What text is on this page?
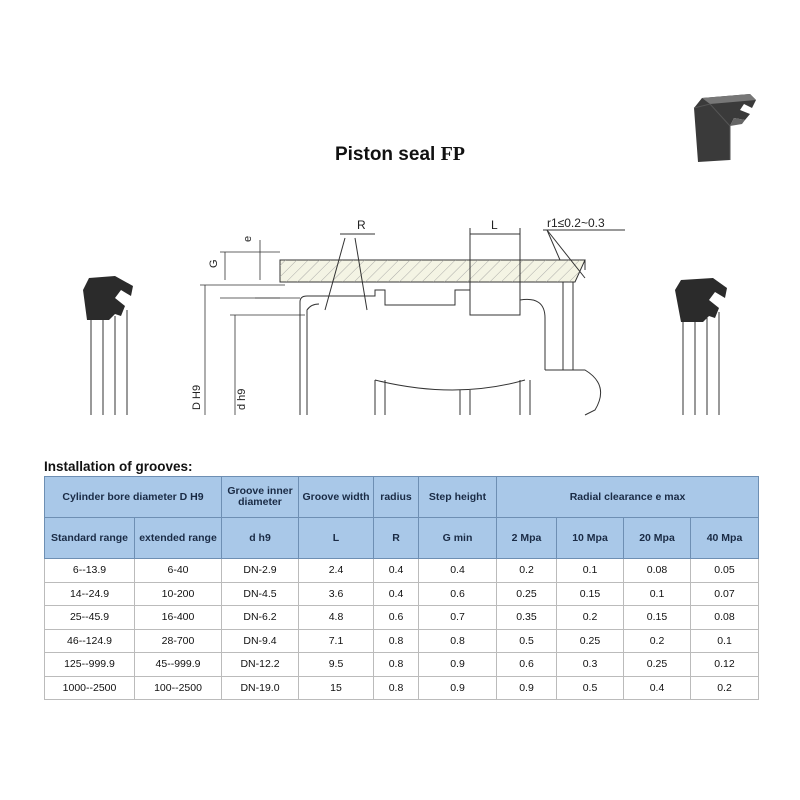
Piston seal FP
G
e
D H9	d h9
R	L	r1≤0.2~0.3
Installation of grooves:
Cylinder bore diameter D H9		Groove inner diameter	Groove width	radius	Step height	Radial clearance e max			
Standard range	extended range	d h9	L	R	G min	2 Mpa	10 Mpa	20 Mpa	40 Mpa
6--13.9	6-40	DN-2.9	2.4	0.4	0.4	0.2	0.1	0.08	0.05
14--24.9	10-200	DN-4.5	3.6	0.4	0.6	0.25	0.15	0.1	0.07
25--45.9	16-400	DN-6.2	4.8	0.6	0.7	0.35	0.2	0.15	0.08
46--124.9	28-700	DN-9.4	7.1	0.8	0.8	0.5	0.25	0.2	0.1
125--999.9	45--999.9	DN-12.2	9.5	0.8	0.9	0.6	0.3	0.25	0.12
1000--2500	100--2500	DN-19.0	15	0.8	0.9	0.9	0.5	0.4	0.2
